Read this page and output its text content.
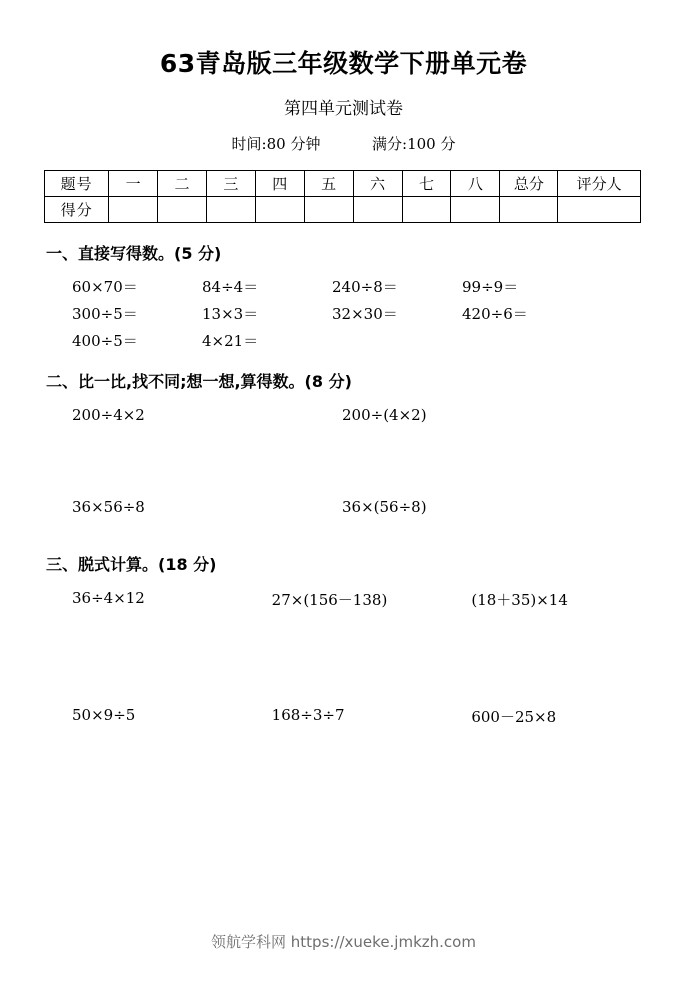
63青岛版三年级数学下册单元卷
第四单元测试卷
时间:80 分钟	满分:100 分
题号	一	二	三	四	五	六	七	八	总分	评分人
得分										
一、直接写得数。(5 分)
60×70＝	84÷4＝	240÷8＝	99÷9＝
300÷5＝	13×3＝	32×30＝	420÷6＝
400÷5＝	4×21＝
二、比一比,找不同;想一想,算得数。(8 分)
200÷4×2	200÷(4×2)
36×56÷8	36×(56÷8)
三、脱式计算。(18 分)
36÷4×12	27×(156－138)	(18＋35)×14
50×9÷5	168÷3÷7	600－25×8
领航学科网 https://xueke.jmkzh.com
